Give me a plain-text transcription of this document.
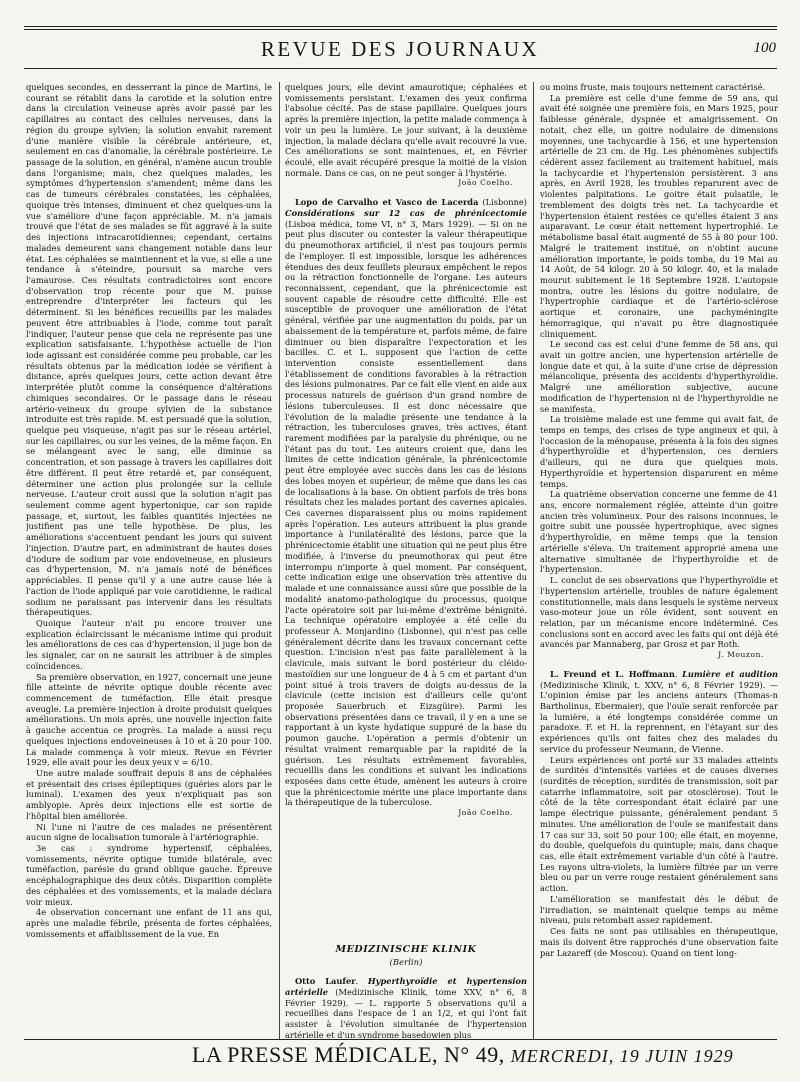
REVUE DES JOURNAUX	100

quelques secondes, en desserrant la pince de Martins, le courant se rétablit dans la carotide et la solution entre dans la circulation veineuse après avoir passé par les capillaires au contact des cellules nerveuses, dans la région du groupe sylvien; la solution envahit rarement d'une manière visible la cérébrale antérieure, et, seulement en cas d'anomalie, la cérébrale postérieure. Le passage de la solution, en général, n'amène aucun trouble dans l'organisme; mais, chez quelques malades, les symptômes d'hypertension s'amendent; même dans les cas de tumeurs cérébrales constatées, les céphalées, quoique très intenses, diminuent et chez quelques-uns la vue s'améliore d'une façon appréciable. M. n'a jamais trouvé que l'état de ses malades se fût aggravé à la suite des injections intracarotidiennes; cependant, certains malades demeurent sans changement notable dans leur état. Les céphalées se maintiennent et la vue, si elle a une tendance à s'éteindre, poursuit sa marche vers l'amaurose. Ces résultats contradictoires sont encore d'observation trop récente pour que M. puisse entreprendre d'interpréter les facteurs qui les déterminent. Si les bénéfices recueillis par les malades peuvent être attribuables à l'iode, comme tout paraît l'indiquer, l'auteur pense que cela ne représente pas une explication satisfaisante. L'hypothèse actuelle de l'ion iode agissant est considérée comme peu probable, car les résultats obtenus par la médication iodée se vérifient à distance, après quelques jours, cette action devant être interprétée plutôt comme la conséquence d'altérations chimiques secondaires. Or le passage dans le réseau artério-veineux du groupe sylvien de la substance introduite est très rapide. M. est persuadé que la solution, quelque peu visqueuse, n'agit pas sur le réseau artériel, sur les capillaires, ou sur les veines, de la même façon. En se mélangeant avec le sang, elle diminue sa concentration, et son passage à travers les capillaires doit être différent. Il peut être retardé et, par conséquent, déterminer une action plus prolongée sur la cellule nerveuse. L'auteur croit aussi que la solution n'agit pas seulement comme agent hypertonique, car son rapide passage, et, surtout, les faibles quantités injectées ne justifient pas une telle hypothèse. De plus, les améliorations s'accentuent pendant les jours qui suivent l'injection. D'autre part, en administrant de hautes doses d'iodure de sodium par voie endoveineuse, en plusieurs cas d'hypertension, M. n'a jamais noté de bénéfices appréciables. Il pense qu'il y a une autre cause liée à l'action de l'iode appliqué par voie carotidienne, le radical sodium ne paraissant pas intervenir dans les résultats thérapeutiques.

Quoique l'auteur n'ait pu encore trouver une explication éclaircissant le mécanisme intime qui produit les améliorations de ces cas d'hypertension, il juge bon de les signaler, car on ne saurait les attribuer à de simples coïncidences.

Sa première observation, en 1927, concernait une jeune fille atteinte de névrite optique double récente avec commencement de tuméfaction. Elle était presque aveugle. La première injection à droite produisit quelques améliorations. Un mois après, une nouvelle injection faite à gauche accentua ce progrès. La malade a aussi reçu quelques injections endoveineuses à 10 et à 20 pour 100. La malade commença à voir mieux. Revue en Février 1929, elle avait pour les deux yeux v = 6/10.

Une autre malade souffrait depuis 8 ans de céphalées et présentait des crises épileptiques (guéries alors par le luminal). L'examen des yeux n'expliquait pas son amblyopie. Après deux injections elle est sortie de l'hôpital bien améliorée.

Ni l'une ni l'autre de ces malades ne présentèrent aucun signe de localisation tumorale à l'artériographie.

3e cas : syndrome hypertensif, céphalées, vomissements, névrite optique tumide bilatérale, avec tuméfaction, parésie du grand oblique gauche. Épreuve encéphalographique des deux côtés. Disparition complète des céphalées et des vomissements, et la malade déclara voir mieux.

4e observation concernant une enfant de 11 ans qui, après une maladie fébrile, présenta de fortes céphalées, vomissements et affaiblissement de la vue. En

quelques jours, elle devint amaurotique; céphalées et vomissements persistant. L'examen des yeux confirma l'absolue cécité. Pas de stase papillaire. Quelques jours après la première injection, la petite malade commença à voir un peu la lumière. Le jour suivant, à la deuxième injection, la malade déclara qu'elle avait recouvré la vue. Ces améliorations se sont maintenues, et, en Février écoulé, elle avait récupéré presque la moitié de la vision normale. Dans ce cas, on ne peut songer à l'hystérie.

João Coelho.

Lopo de Carvalho et Vasco de Lacerda (Lisbonne) Considérations sur 12 cas de phrénicectomie (Lisboa médica, tome VI, n° 3, Mars 1929). — Si on ne peut plus discuter ou contester la valeur thérapeutique du pneumothorax artificiel, il n'est pas toujours permis de l'employer. Il est impossible, lorsque les adhérences étendues des deux feuillets pleuraux empêchent le repos ou la rétraction fonctionnelle de l'organe. Les auteurs reconnaissent, cependant, que la phrénicectomie est souvent capable de résoudre cette difficulté. Elle est susceptible de provoquer une amélioration de l'état général, vérifiée par une augmentation du poids, par un abaissement de la température et, parfois même, de faire diminuer ou bien disparaître l'expectoration et les bacilles. C. et L. supposent que l'action de cette intervention consiste essentiellement dans l'établissement de conditions favorables à la rétraction des lésions pulmonaires. Par ce fait elle vient en aide aux processus naturels de guérison d'un grand nombre de lésions tuberculeuses. Il est donc nécessaire que l'évolution de la maladie présente une tendance à la rétraction, les tuberculoses graves, très actives, étant rarement modifiées par la paralysie du phrénique, ou ne l'étant pas du tout. Les auteurs croient que, dans les limites de cette indication générale, la phrénicectomie peut être employée avec succès dans les cas de lésions des lobes moyen et supérieur, de même que dans les cas de localisations à la base. On obtient parfois de très bons résultats chez les malades portant des cavernes apicales. Ces cavernes disparaissent plus ou moins rapidement après l'opération. Les auteurs attribuent la plus grande importance à l'unilatéralité des lésions, parce que la phrénicectomie établit une situation qui ne peut plus être modifiée, à l'inverse du pneumothorax qui peut être interrompu n'importe à quel moment. Par conséquent, cette indication exige une observation très attentive du malade et une connaissance aussi sûre que possible de la modalité anatomo-pathologique du processus, quoique l'acte opératoire soit par lui-même d'extrême bénignité. La technique opératoire employée a été celle du professeur A. Monjardino (Lisbonne), qui n'est pas celle généralement décrite dans les travaux concernant cette question. L'incision n'est pas faite parallèlement à la clavicule, mais suivant le bord postérieur du cléido-mastoïdien sur une longueur de 4 à 5 cm et partant d'un point situé à trois travers de doigts au-dessus de la clavicule (cette incision est d'ailleurs celle qu'ont proposée Sauerbruch et Eizsgüire). Parmi les observations présentées dans ce travail, il y en a une se rapportant à un kyste hydatique suppuré de la base du poumon gauche. L'opération a permis d'obtenir un résultat vraiment remarquable par la rapidité de la guérison. Les résultats extrêmement favorables, recueillis dans les conditions et suivant les indications exposées dans cette étude, amènent les auteurs à croire que la phrénicectomie mérite une place importante dans la thérapeutique de la tuberculose.

João Coelho.
MEDIZINISCHE KLINIK
(Berlin)

Otto Laufer. Hyperthyroïdie et hypertension artérielle (Medizinische Klinik, tome XXV, n° 6, 8 Février 1929). — L. rapporte 5 observations qu'il a recueillies dans l'espace de 1 an 1/2, et qui l'ont fait assister à l'évolution simultanée de l'hypertension artérielle et d'un syndrome basedowien plus

ou moins fruste, mais toujours nettement caractérisé.

La première est celle d'une femme de 59 ans, qui avait été soignée une première fois, en Mars 1925, pour faiblesse générale, dyspnée et amaigrissement. On notait, chez elle, un goitre nodulaire de dimensions moyennes, une tachycardie à 156, et une hypertension artérielle de 23 cm. de Hg. Les phénomènes subjectifs cédèrent assez facilement au traitement habituel, mais la tachycardie et l'hypertension persistèrent. 3 ans après, en Avril 1928, les troubles reparurent avec de violentes palpitations. Le goitre était pulsatile, le tremblement des doigts très net. La tachycardie et l'hypertension étaient restées ce qu'elles étaient 3 ans auparavant. Le cœur était nettement hypertrophié. Le métabolisme basal était augmenté de 55 à 80 pour 100. Malgré le traitement institué, on n'obtint aucune amélioration importante, le poids tomba, du 19 Mai au 14 Août, de 54 kilogr. 20 à 50 kilogr. 40, et la malade mourut subitement le 18 Septembre 1928. L'autopsie montra, outre les lésions du goitre nodulaire, de l'hypertrophie cardiaque et de l'artério-sclérose aortique et coronaire, une pachyméningite hémorragique, qui n'avait pu être diagnostiquée cliniquement.

Le second cas est celui d'une femme de 58 ans, qui avait un goitre ancien, une hypertension artérielle de longue date et qui, à la suite d'une crise de dépression mélancolique, présenta des accidents d'hyperthyroïdie. Malgré une amélioration subjective, aucune modification de l'hypertension ni de l'hyperthyroïdie ne se manifesta.

La troisième malade est une femme qui avait fait, de temps en temps, des crises de type angineux et qui, à l'occasion de la ménopause, présenta à la fois des signes d'hyperthyroïdie et d'hypertension, ces derniers d'ailleurs, qui ne dura que quelques mois. Hyperthyroïdie et hypertension disparurent en même temps.

La quatrième observation concerne une femme de 41 ans, encore normalement réglée, atteinte d'un goitre ancien très volumineux. Pour des raisons inconnues, le goitre subit une poussée hypertrophique, avec signes d'hyperthyroïdie, en même temps que la tension artérielle s'éleva. Un traitement approprié amena une alternative simultanée de l'hyperthyroïdie et de l'hypertension.

L. conclut de ses observations que l'hyperthyroïdie et l'hypertension artérielle, troubles de nature également constitutionnelle, mais dans lesquels le système nerveux vaso-moteur joue un rôle évident, sont souvent en relation, par un mécanisme encore indéterminé. Ces conclusions sont en accord avec les faits qui ont déjà été avancés par Mannaberg, par Grosz et par Roth.

J. Mouzon.

L. Freund et L. Hoffmann. Lumière et audition (Medizinische Klinik, t. XXV, n° 6, 8 Février 1929). — L'opinion émise par les anciens auteurs (Thomas-n Bartholinus, Ebermaier), que l'ouïe serait renforcée par la lumière, a été longtemps considérée comme un paradoxe. F. et H. la reprennent, en l'étayant sur des expériences qu'ils ont faites chez des malades du service du professeur Neumann, de Vienne.

Leurs expériences ont porté sur 33 malades atteints de surdités d'intensités variées et de causes diverses (surdités de réception, surdités de transmission, soit par catarrhe inflammatoire, soit par otosclérose). Tout le côté de la tête correspondant était éclairé par une lampe électrique puissante, généralement pendant 5 minutes. Une amélioration de l'ouïe se manifestait dans 17 cas sur 33, soit 50 pour 100; elle était, en moyenne, du double, quelquefois du quintuple; mais, dans chaque cas, elle était extrêmement variable d'un côté à l'autre. Les rayons ultra-violets, la lumière filtrée par un verre bleu ou par un verre rouge restaient généralement sans action.

L'amélioration se manifestait dès le début de l'irradiation, se maintenait quelque temps au même niveau, puis retombait assez rapidement.

Ces faits ne sont pas utilisables en thérapeutique, mais ils doivent être rapprochés d'une observation faite par Lazareff (de Moscou). Quand on tient long-

LA PRESSE MÉDICALE, N° 49, MERCREDI, 19 JUIN 1929
